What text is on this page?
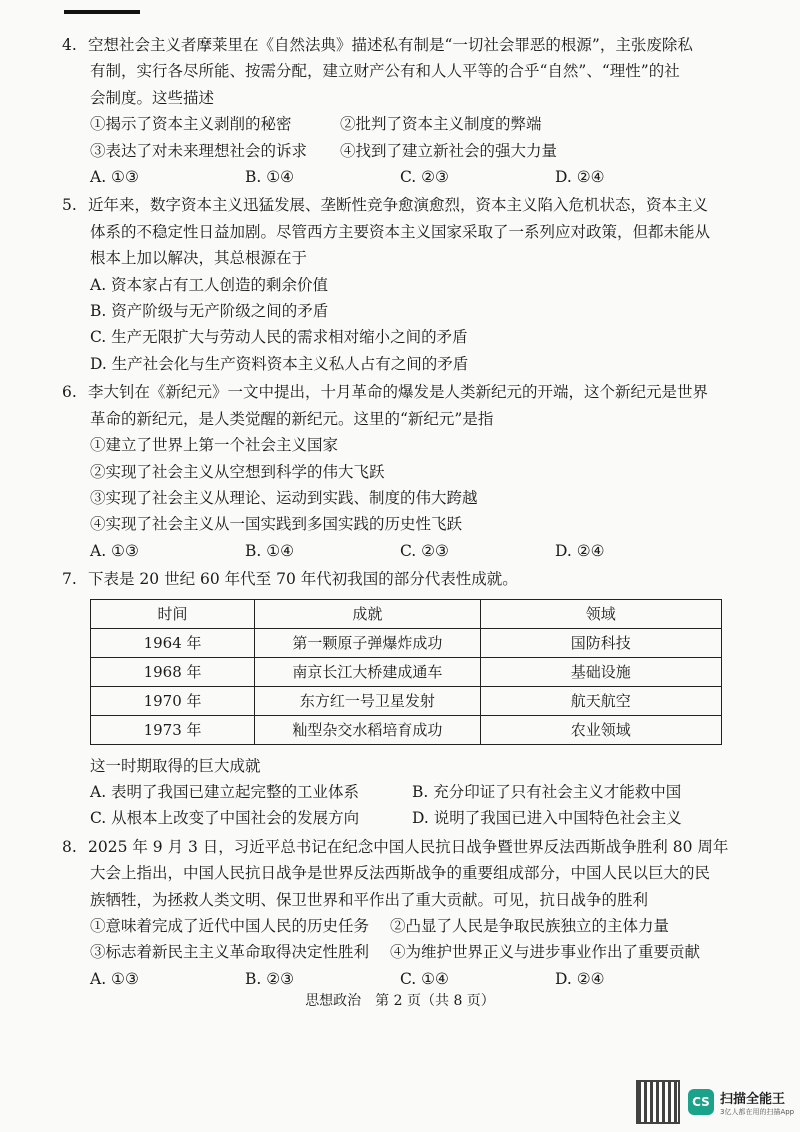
4. 空想社会主义者摩莱里在《自然法典》描述私有制是“一切社会罪恶的根源”，主张废除私
有制，实行各尽所能、按需分配，建立财产公有和人人平等的合乎“自然”、“理性”的社
会制度。这些描述
①揭示了资本主义剥削的秘密	②批判了资本主义制度的弊端
③表达了对未来理想社会的诉求	④找到了建立新社会的强大力量
A. ①③	B. ①④	C. ②③	D. ②④
5. 近年来，数字资本主义迅猛发展、垄断性竞争愈演愈烈，资本主义陷入危机状态，资本主义
体系的不稳定性日益加剧。尽管西方主要资本主义国家采取了一系列应对政策，但都未能从
根本上加以解决，其总根源在于
A. 资本家占有工人创造的剩余价值
B. 资产阶级与无产阶级之间的矛盾
C. 生产无限扩大与劳动人民的需求相对缩小之间的矛盾
D. 生产社会化与生产资料资本主义私人占有之间的矛盾
6. 李大钊在《新纪元》一文中提出，十月革命的爆发是人类新纪元的开端，这个新纪元是世界
革命的新纪元，是人类觉醒的新纪元。这里的“新纪元”是指
①建立了世界上第一个社会主义国家
②实现了社会主义从空想到科学的伟大飞跃
③实现了社会主义从理论、运动到实践、制度的伟大跨越
④实现了社会主义从一国实践到多国实践的历史性飞跃
A. ①③	B. ①④	C. ②③	D. ②④
7. 下表是 20 世纪 60 年代至 70 年代初我国的部分代表性成就。
时间	成就	领域
1964 年	第一颗原子弹爆炸成功	国防科技
1968 年	南京长江大桥建成通车	基础设施
1970 年	东方红一号卫星发射	航天航空
1973 年	籼型杂交水稻培育成功	农业领域
这一时期取得的巨大成就
A. 表明了我国已建立起完整的工业体系	B. 充分印证了只有社会主义才能救中国
C. 从根本上改变了中国社会的发展方向	D. 说明了我国已进入中国特色社会主义
8. 2025 年 9 月 3 日，习近平总书记在纪念中国人民抗日战争暨世界反法西斯战争胜利 80 周年
大会上指出，中国人民抗日战争是世界反法西斯战争的重要组成部分，中国人民以巨大的民
族牺牲，为拯救人类文明、保卫世界和平作出了重大贡献。可见，抗日战争的胜利
①意味着完成了近代中国人民的历史任务	②凸显了人民是争取民族独立的主体力量
③标志着新民主主义革命取得决定性胜利	④为维护世界正义与进步事业作出了重要贡献
A. ①③	B. ②③	C. ①④	D. ②④
思想政治　第 2 页（共 8 页）
CS 扫描全能王
3亿人都在用的扫描App
